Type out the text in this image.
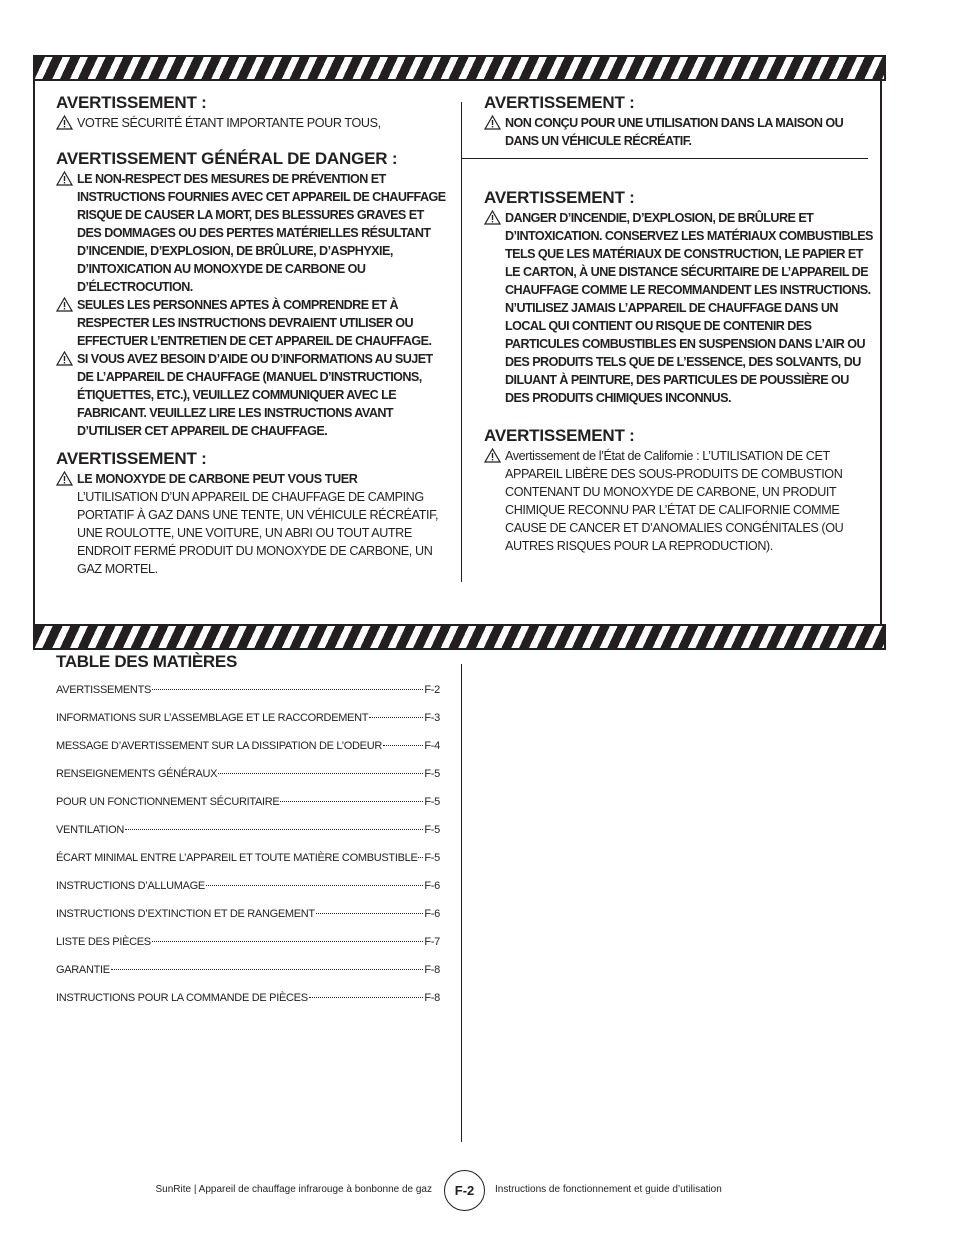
AVERTISSEMENT :
VOTRE SÉCURITÉ ÉTANT IMPORTANTE POUR TOUS,
AVERTISSEMENT GÉNÉRAL DE DANGER :
LE NON-RESPECT DES MESURES DE PRÉVENTION ET INSTRUCTIONS FOURNIES AVEC CET APPAREIL DE CHAUFFAGE RISQUE DE CAUSER LA MORT, DES BLESSURES GRAVES ET DES DOMMAGES OU DES PERTES MATÉRIELLES RÉSULTANT D’INCENDIE, D’EXPLOSION, DE BRÛLURE, D’ASPHYXIE, D’INTOXICATION AU MONOXYDE DE CARBONE OU D’ÉLECTROCUTION.
SEULES LES PERSONNES APTES À COMPRENDRE ET À RESPECTER LES INSTRUCTIONS DEVRAIENT UTILISER OU EFFECTUER L’ENTRETIEN DE CET APPAREIL DE CHAUFFAGE.
SI VOUS AVEZ BESOIN D’AIDE OU D’INFORMATIONS AU SUJET DE L’APPAREIL DE CHAUFFAGE (MANUEL D’INSTRUCTIONS, ÉTIQUETTES, ETC.), VEUILLEZ COMMUNIQUER AVEC LE FABRICANT. VEUILLEZ LIRE LES INSTRUCTIONS AVANT D’UTILISER CET APPAREIL DE CHAUFFAGE.
AVERTISSEMENT :
LE MONOXYDE DE CARBONE PEUT VOUS TUER
L’UTILISATION D’UN APPAREIL DE CHAUFFAGE DE CAMPING PORTATIF À GAZ DANS UNE TENTE, UN VÉHICULE RÉCRÉATIF, UNE ROULOTTE, UNE VOITURE, UN ABRI OU TOUT AUTRE ENDROIT FERMÉ PRODUIT DU MONOXYDE DE CARBONE, UN GAZ MORTEL.
AVERTISSEMENT :
NON CONÇU POUR UNE UTILISATION DANS LA MAISON OU DANS UN VÉHICULE RÉCRÉATIF.
AVERTISSEMENT :
DANGER D’INCENDIE, D’EXPLOSION, DE BRÛLURE ET D’INTOXICATION. CONSERVEZ LES MATÉRIAUX COMBUSTIBLES TELS QUE LES MATÉRIAUX DE CONSTRUCTION, LE PAPIER ET LE CARTON, À UNE DISTANCE SÉCURITAIRE DE L’APPAREIL DE CHAUFFAGE COMME LE RECOMMANDENT LES INSTRUCTIONS. N’UTILISEZ JAMAIS L’APPAREIL DE CHAUFFAGE DANS UN LOCAL QUI CONTIENT OU RISQUE DE CONTENIR DES PARTICULES COMBUSTIBLES EN SUSPENSION DANS L’AIR OU DES PRODUITS TELS QUE DE L’ESSENCE, DES SOLVANTS, DU DILUANT À PEINTURE, DES PARTICULES DE POUSSIÈRE OU DES PRODUITS CHIMIQUES INCONNUS.
AVERTISSEMENT :
Avertissement de l’État de Californie : L’UTILISATION DE CET APPAREIL LIBÈRE DES SOUS-PRODUITS DE COMBUSTION CONTENANT DU MONOXYDE DE CARBONE, UN PRODUIT CHIMIQUE RECONNU PAR L’ÉTAT DE CALIFORNIE COMME CAUSE DE CANCER ET D’ANOMALIES CONGÉNITALES (OU AUTRES RISQUES POUR LA REPRODUCTION).
TABLE DES MATIÈRES
AVERTISSEMENTS	F-2
INFORMATIONS SUR L’ASSEMBLAGE ET LE RACCORDEMENT	F-3
MESSAGE D’AVERTISSEMENT SUR LA DISSIPATION DE L’ODEUR	F-4
RENSEIGNEMENTS GÉNÉRAUX	F-5
POUR UN FONCTIONNEMENT SÉCURITAIRE	F-5
VENTILATION	F-5
ÉCART MINIMAL ENTRE L’APPAREIL ET TOUTE MATIÈRE COMBUSTIBLE F-5
INSTRUCTIONS D’ALLUMAGE	F-6
INSTRUCTIONS D’EXTINCTION ET DE RANGEMENT	F-6
LISTE DES PIÈCES	F-7
GARANTIE	F-8
INSTRUCTIONS POUR LA COMMANDE DE PIÈCES	F-8
SunRite | Appareil de chauffage infrarouge à bonbonne de gaz	F-2	Instructions de fonctionnement et guide d’utilisation
